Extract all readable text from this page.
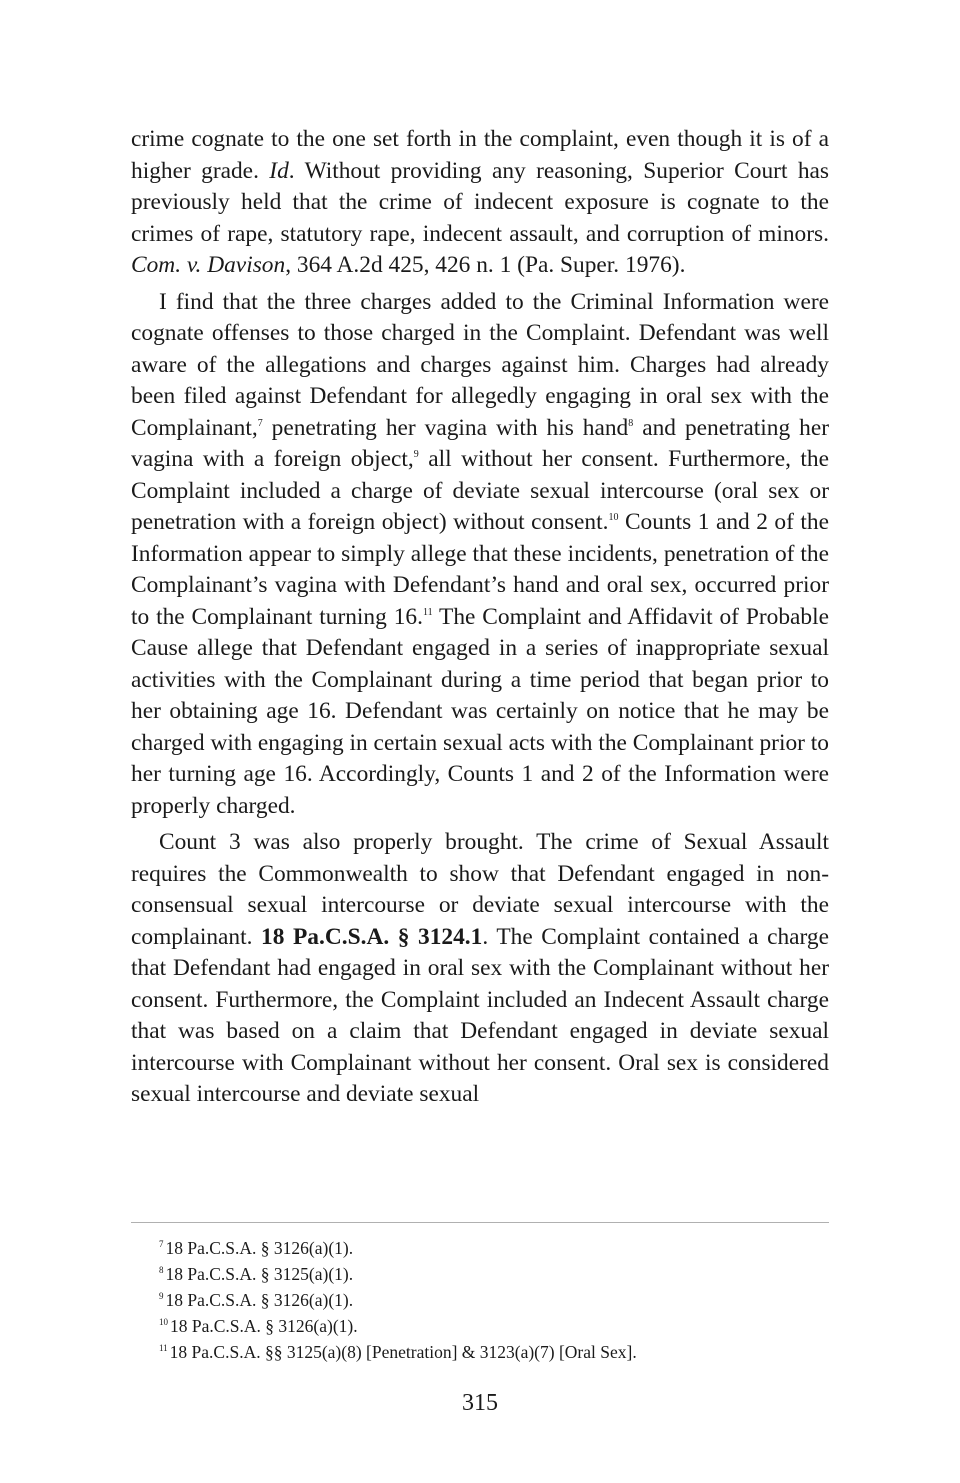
crime cognate to the one set forth in the complaint, even though it is of a higher grade. Id. Without providing any reasoning, Superior Court has previously held that the crime of indecent exposure is cognate to the crimes of rape, statutory rape, indecent assault, and corruption of minors. Com. v. Davison, 364 A.2d 425, 426 n. 1 (Pa. Super. 1976).

I find that the three charges added to the Criminal Information were cognate offenses to those charged in the Complaint. Defendant was well aware of the allegations and charges against him. Charges had already been filed against Defendant for allegedly engaging in oral sex with the Complainant,$^7$ penetrating her vagina with his hand$^8$ and penetrating her vagina with a foreign object,$^9$ all without her consent. Furthermore, the Complaint included a charge of deviate sexual intercourse (oral sex or penetration with a foreign object) without consent.$^{10}$ Counts 1 and 2 of the Information appear to simply allege that these incidents, penetration of the Complainant’s vagina with Defendant’s hand and oral sex, occurred prior to the Complainant turning 16.11 The Complaint and Affidavit of Probable Cause allege that Defendant engaged in a series of inappropriate sexual activities with the Complainant during a time period that began prior to her obtaining age 16. Defendant was certainly on notice that he may be charged with engaging in certain sexual acts with the Complainant prior to her turning age 16. Accordingly, Counts 1 and 2 of the Information were properly charged.

Count 3 was also properly brought. The crime of Sexual Assault requires the Commonwealth to show that Defendant engaged in nonconsensual sexual intercourse or deviate sexual intercourse with the complainant. 18 Pa.C.S.A. § 3124.1. The Complaint contained a charge that Defendant had engaged in oral sex with the Complainant without her consent. Furthermore, the Complaint included an Indecent Assault charge that was based on a claim that Defendant engaged in deviate sexual intercourse with Complainant without her consent. Oral sex is considered sexual intercourse and deviate sexual

$^7$ 18 Pa.C.S.A. § 3126(a)(1).
$^8$ 18 Pa.C.S.A. § 3125(a)(1).
$^9$ 18 Pa.C.S.A. § 3126(a)(1).
$^{10}$ 18 Pa.C.S.A. § 3126(a)(1).
$^{11}$ 18 Pa.C.S.A. §§ 3125(a)(8) [Penetration] & 3123(a)(7) [Oral Sex].
315
